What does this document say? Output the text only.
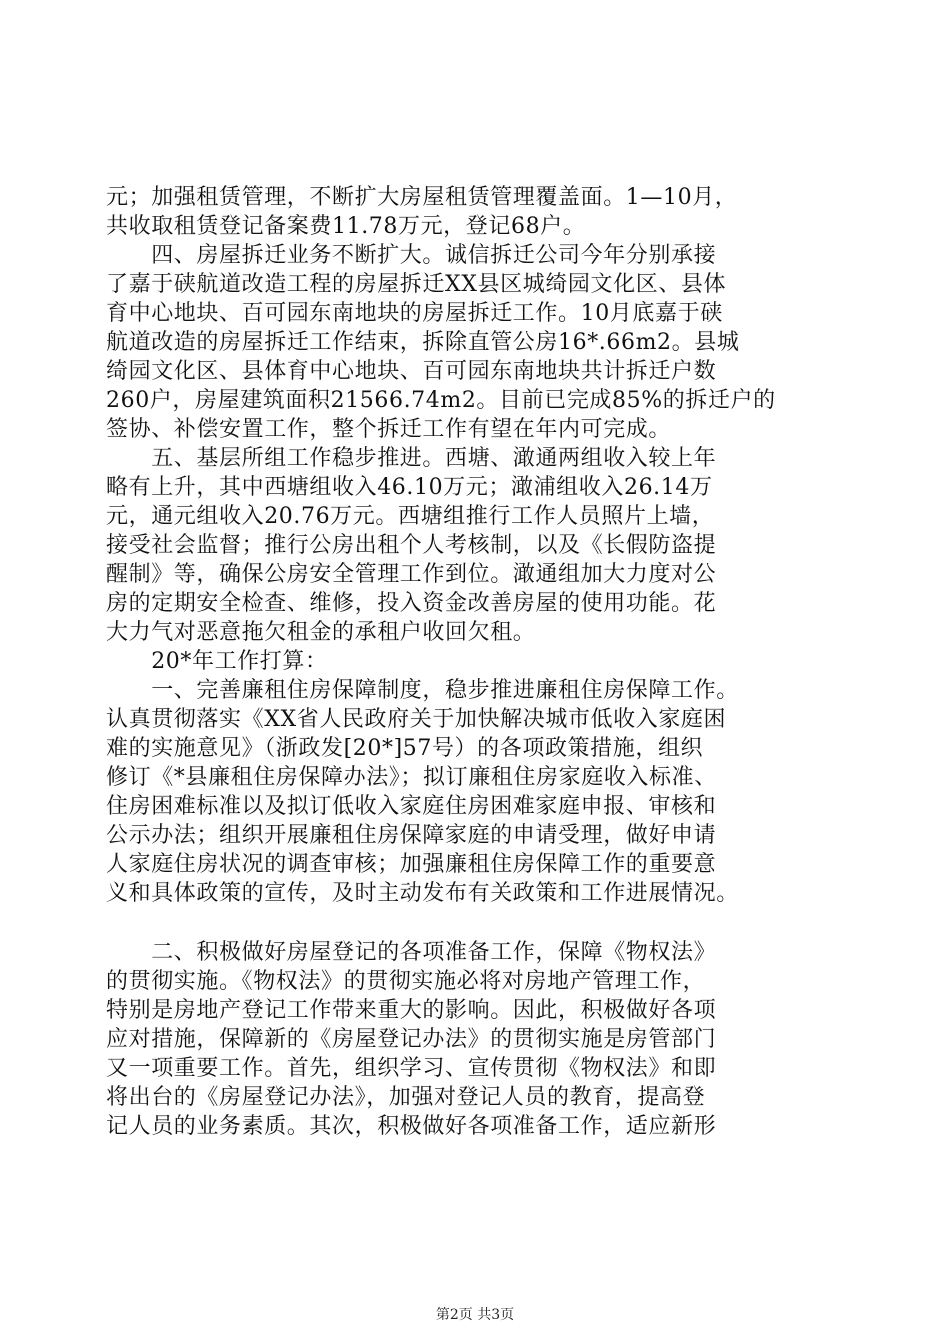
元；加强租赁管理，不断扩大房屋租赁管理覆盖面。1—10月，
共收取租赁登记备案费11.78万元，登记68户。
　　四、房屋拆迁业务不断扩大。诚信拆迁公司今年分别承接
了嘉于硖航道改造工程的房屋拆迁XX县区城绮园文化区、县体
育中心地块、百可园东南地块的房屋拆迁工作。10月底嘉于硖
航道改造的房屋拆迁工作结束，拆除直管公房16*.66m2。县城
绮园文化区、县体育中心地块、百可园东南地块共计拆迁户数
260户，房屋建筑面积21566.74m2。目前已完成85%的拆迁户的
签协、补偿安置工作，整个拆迁工作有望在年内可完成。
　　五、基层所组工作稳步推进。西塘、澉通两组收入较上年
略有上升，其中西塘组收入46.10万元；澉浦组收入26.14万
元，通元组收入20.76万元。西塘组推行工作人员照片上墙，
接受社会监督；推行公房出租个人考核制，以及《长假防盗提
醒制》等，确保公房安全管理工作到位。澉通组加大力度对公
房的定期安全检查、维修，投入资金改善房屋的使用功能。花
大力气对恶意拖欠租金的承租户收回欠租。
　　20*年工作打算：
　　一、完善廉租住房保障制度，稳步推进廉租住房保障工作。
认真贯彻落实《XX省人民政府关于加快解决城市低收入家庭困
难的实施意见》（浙政发[20*]57号）的各项政策措施，组织
修订《*县廉租住房保障办法》；拟订廉租住房家庭收入标准、
住房困难标准以及拟订低收入家庭住房困难家庭申报、审核和
公示办法；组织开展廉租住房保障家庭的申请受理，做好申请
人家庭住房状况的调查审核；加强廉租住房保障工作的重要意
义和具体政策的宣传，及时主动发布有关政策和工作进展情况。
　　二、积极做好房屋登记的各项准备工作，保障《物权法》
的贯彻实施。《物权法》的贯彻实施必将对房地产管理工作，
特别是房地产登记工作带来重大的影响。因此，积极做好各项
应对措施，保障新的《房屋登记办法》的贯彻实施是房管部门
又一项重要工作。首先，组织学习、宣传贯彻《物权法》和即
将出台的《房屋登记办法》，加强对登记人员的教育，提高登
记人员的业务素质。其次，积极做好各项准备工作，适应新形
第2页 共3页
